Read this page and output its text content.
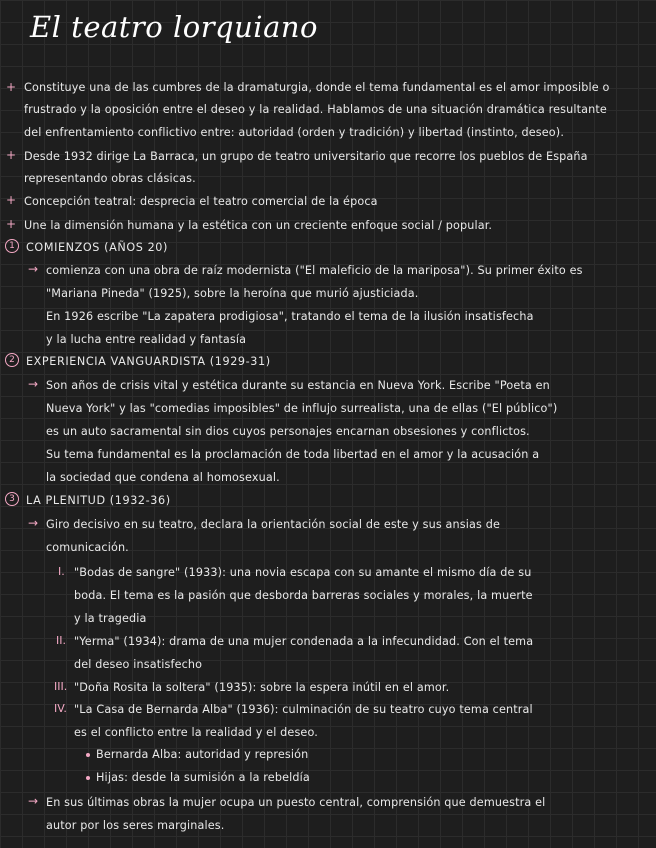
El teatro lorquiano
+ Constituye una de las cumbres de la dramaturgia, donde el tema fundamental es el amor imposible o
frustrado y la oposición entre el deseo y la realidad. Hablamos de una situación dramática resultante
del enfrentamiento conflictivo entre: autoridad (orden y tradición) y libertad (instinto, deseo).
+ Desde 1932 dirige La Barraca, un grupo de teatro universitario que recorre los pueblos de España
representando obras clásicas.
+ Concepción teatral: desprecia el teatro comercial de la época
+ Une la dimensión humana y la estética con un creciente enfoque social / popular.
1 COMIENZOS (AÑOS 20)
→ comienza con una obra de raíz modernista ("El maleficio de la mariposa"). Su primer éxito es
"Mariana Pineda" (1925), sobre la heroína que murió ajusticiada.
En 1926 escribe "La zapatera prodigiosa", tratando el tema de la ilusión insatisfecha
y la lucha entre realidad y fantasía
2 EXPERIENCIA VANGUARDISTA (1929-31)
→ Son años de crisis vital y estética durante su estancia en Nueva York. Escribe "Poeta en
Nueva York" y las "comedias imposibles" de influjo surrealista, una de ellas ("El público")
es un auto sacramental sin dios cuyos personajes encarnan obsesiones y conflictos.
Su tema fundamental es la proclamación de toda libertad en el amor y la acusación a
la sociedad que condena al homosexual.
3 LA PLENITUD (1932-36)
→ Giro decisivo en su teatro, declara la orientación social de este y sus ansias de
comunicación.
I. "Bodas de sangre" (1933): una novia escapa con su amante el mismo día de su
boda. El tema es la pasión que desborda barreras sociales y morales, la muerte
y la tragedia
II. "Yerma" (1934): drama de una mujer condenada a la infecundidad. Con el tema
del deseo insatisfecho
III. "Doña Rosita la soltera" (1935): sobre la espera inútil en el amor.
IV. "La Casa de Bernarda Alba" (1936): culminación de su teatro cuyo tema central
es el conflicto entre la realidad y el deseo.
Bernarda Alba: autoridad y represión
Hijas: desde la sumisión a la rebeldía
→ En sus últimas obras la mujer ocupa un puesto central, comprensión que demuestra el
autor por los seres marginales.
